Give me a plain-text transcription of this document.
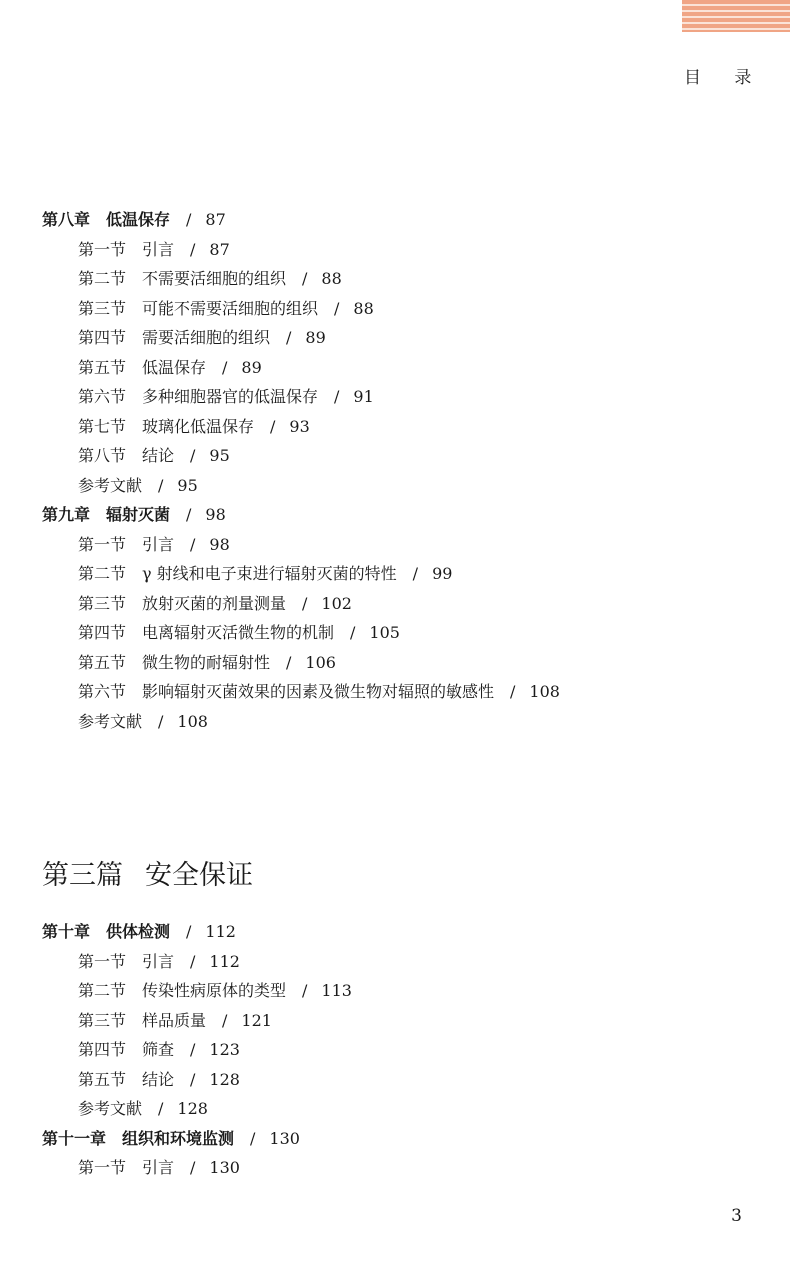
目 录
第八章 低温保存 / 87
第一节 引言 / 87
第二节 不需要活细胞的组织 / 88
第三节 可能不需要活细胞的组织 / 88
第四节 需要活细胞的组织 / 89
第五节 低温保存 / 89
第六节 多种细胞器官的低温保存 / 91
第七节 玻璃化低温保存 / 93
第八节 结论 / 95
参考文献 / 95
第九章 辐射灭菌 / 98
第一节 引言 / 98
第二节 γ 射线和电子束进行辐射灭菌的特性 / 99
第三节 放射灭菌的剂量测量 / 102
第四节 电离辐射灭活微生物的机制 / 105
第五节 微生物的耐辐射性 / 106
第六节 影响辐射灭菌效果的因素及微生物对辐照的敏感性 / 108
参考文献 / 108
第十章 供体检测 / 112
第一节 引言 / 112
第二节 传染性病原体的类型 / 113
第三节 样品质量 / 121
第四节 筛查 / 123
第五节 结论 / 128
参考文献 / 128
第十一章 组织和环境监测 / 130
第一节 引言 / 130
第三篇 安全保证
3
